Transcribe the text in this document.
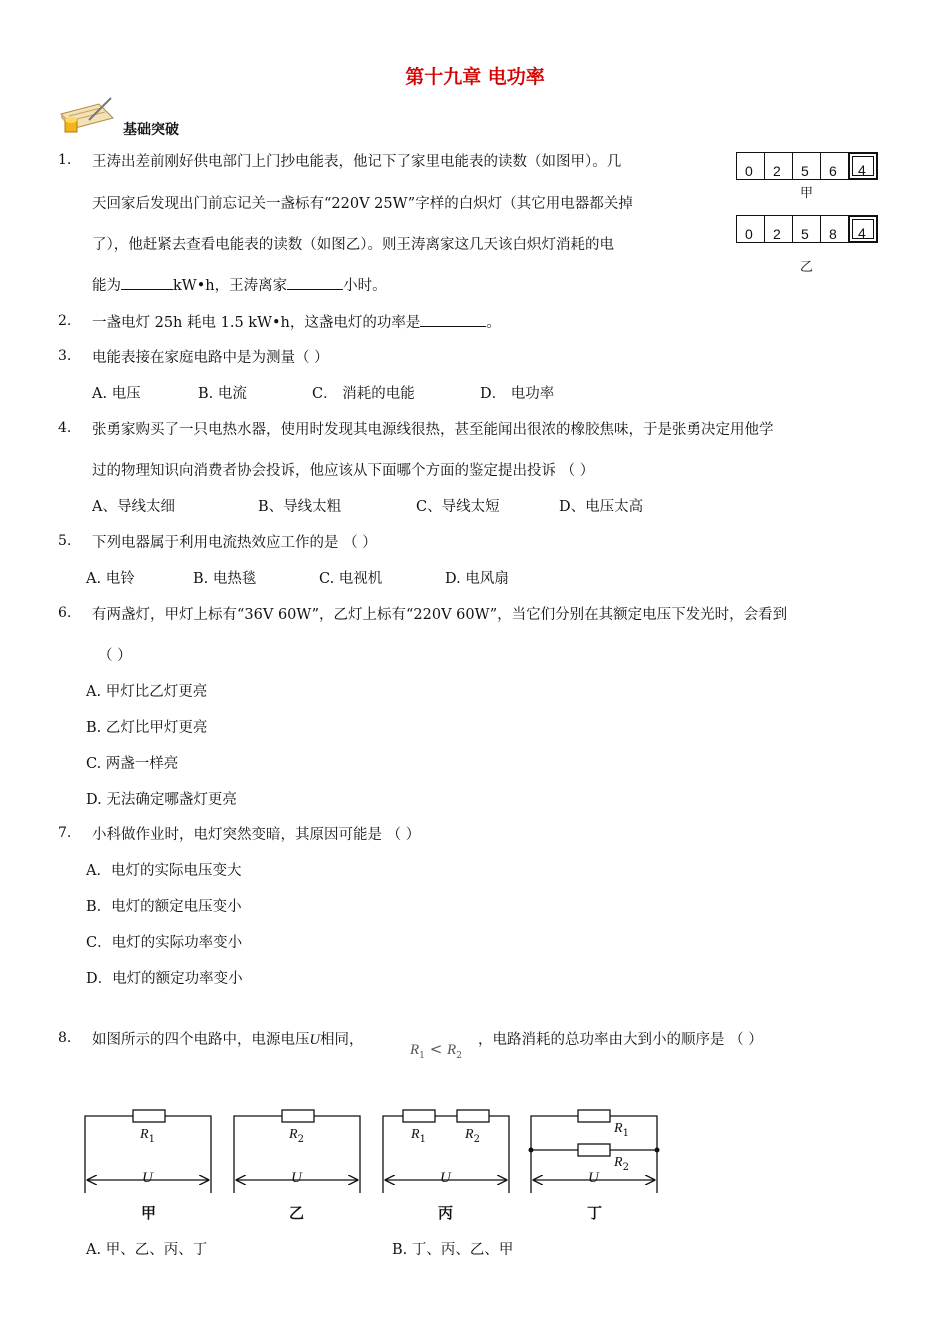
第十九章 电功率
基础突破
0 2 5 6 4
甲
0 2 5 8 4
乙
1. 王涛出差前刚好供电部门上门抄电能表，他记下了家里电能表的读数（如图甲）。几
天回家后发现出门前忘记关一盏标有“220V 25W”字样的白炽灯（其它用电器都关掉
了），他赶紧去查看电能表的读数（如图乙）。则王涛离家这几天该白炽灯消耗的电
能为	kW•h，王涛离家	小时。
2. 一盏电灯 25h 耗电 1.5 kW•h，这盏电灯的功率是	。
3. 电能表接在家庭电路中是为测量（ ）
A. 电压	B. 电流	C． 消耗的电能	D． 电功率
4. 张勇家购买了一只电热水器，使用时发现其电源线很热，甚至能闻出很浓的橡胶焦味，于是张勇决定用他学
过的物理知识向消费者协会投诉，他应该从下面哪个方面的鉴定提出投诉 （ ）
A、导线太细	B、导线太粗	C、导线太短	D、电压太高
5. 下列电器属于利用电流热效应工作的是 （ ）
A. 电铃	B. 电热毯	C. 电视机	D. 电风扇
6. 有两盏灯，甲灯上标有“36V 60W”，乙灯上标有“220V 60W”，当它们分别在其额定电压下发光时，会看到
（ ）
A. 甲灯比乙灯更亮
B. 乙灯比甲灯更亮
C. 两盏一样亮
D. 无法确定哪盏灯更亮
7. 小科做作业时，电灯突然变暗，其原因可能是 （ ）
A．电灯的实际电压变大
B．电灯的额定电压变小
C．电灯的实际功率变小
D．电灯的额定功率变小
8. 如图所示的四个电路中，电源电压U相同，
$R_1 < R_2$
，电路消耗的总功率由大到小的顺序是 （ ）
$R_1$	$R_2$	$R_1$	$R_2$
$R_1$
$R_2$
U	U	U	U
甲	乙	丙	丁
A. 甲、乙、丙、丁	B. 丁、丙、乙、甲
